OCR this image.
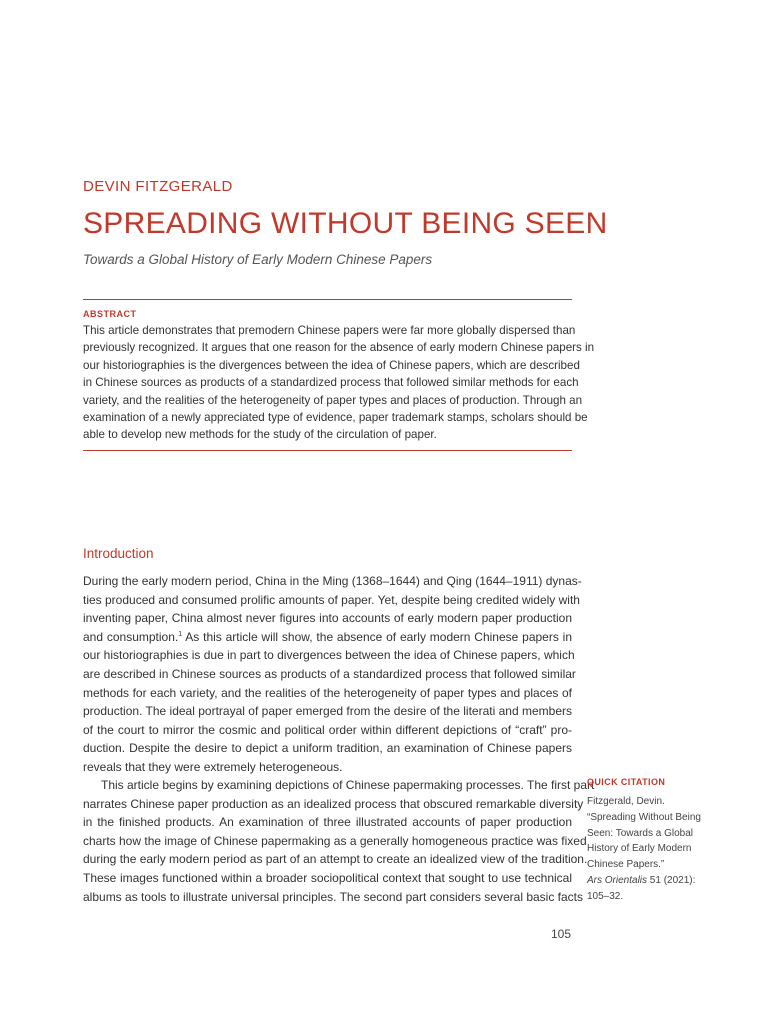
DEVIN FITZGERALD
SPREADING WITHOUT BEING SEEN
Towards a Global History of Early Modern Chinese Papers
ABSTRACT
This article demonstrates that premodern Chinese papers were far more globally dispersed than
previously recognized. It argues that one reason for the absence of early modern Chinese papers in
our historiographies is the divergences between the idea of Chinese papers, which are described
in Chinese sources as products of a standardized process that followed similar methods for each
variety, and the realities of the heterogeneity of paper types and places of production. Through an
examination of a newly appreciated type of evidence, paper trademark stamps, scholars should be
able to develop new methods for the study of the circulation of paper.
Introduction
During the early modern period, China in the Ming (1368–1644) and Qing (1644–1911) dynas-
ties produced and consumed prolific amounts of paper. Yet, despite being credited widely with
inventing paper, China almost never figures into accounts of early modern paper production
and consumption.$^1$ As this article will show, the absence of early modern Chinese papers in
our historiographies is due in part to divergences between the idea of Chinese papers, which
are described in Chinese sources as products of a standardized process that followed similar
methods for each variety, and the realities of the heterogeneity of paper types and places of
production. The ideal portrayal of paper emerged from the desire of the literati and members
of the court to mirror the cosmic and political order within different depictions of “craft” pro-
duction. Despite the desire to depict a uniform tradition, an examination of Chinese papers
reveals that they were extremely heterogeneous.
This article begins by examining depictions of Chinese papermaking processes. The first part
narrates Chinese paper production as an idealized process that obscured remarkable diversity
in the finished products. An examination of three illustrated accounts of paper production
charts how the image of Chinese papermaking as a generally homogeneous practice was fixed
during the early modern period as part of an attempt to create an idealized view of the tradition.
These images functioned within a broader sociopolitical context that sought to use technical
albums as tools to illustrate universal principles. The second part considers several basic facts
QUICK CITATION
Fitzgerald, Devin.
“Spreading Without Being
Seen: Towards a Global
History of Early Modern
Chinese Papers.”
Ars Orientalis 51 (2021):
105–32.
105
